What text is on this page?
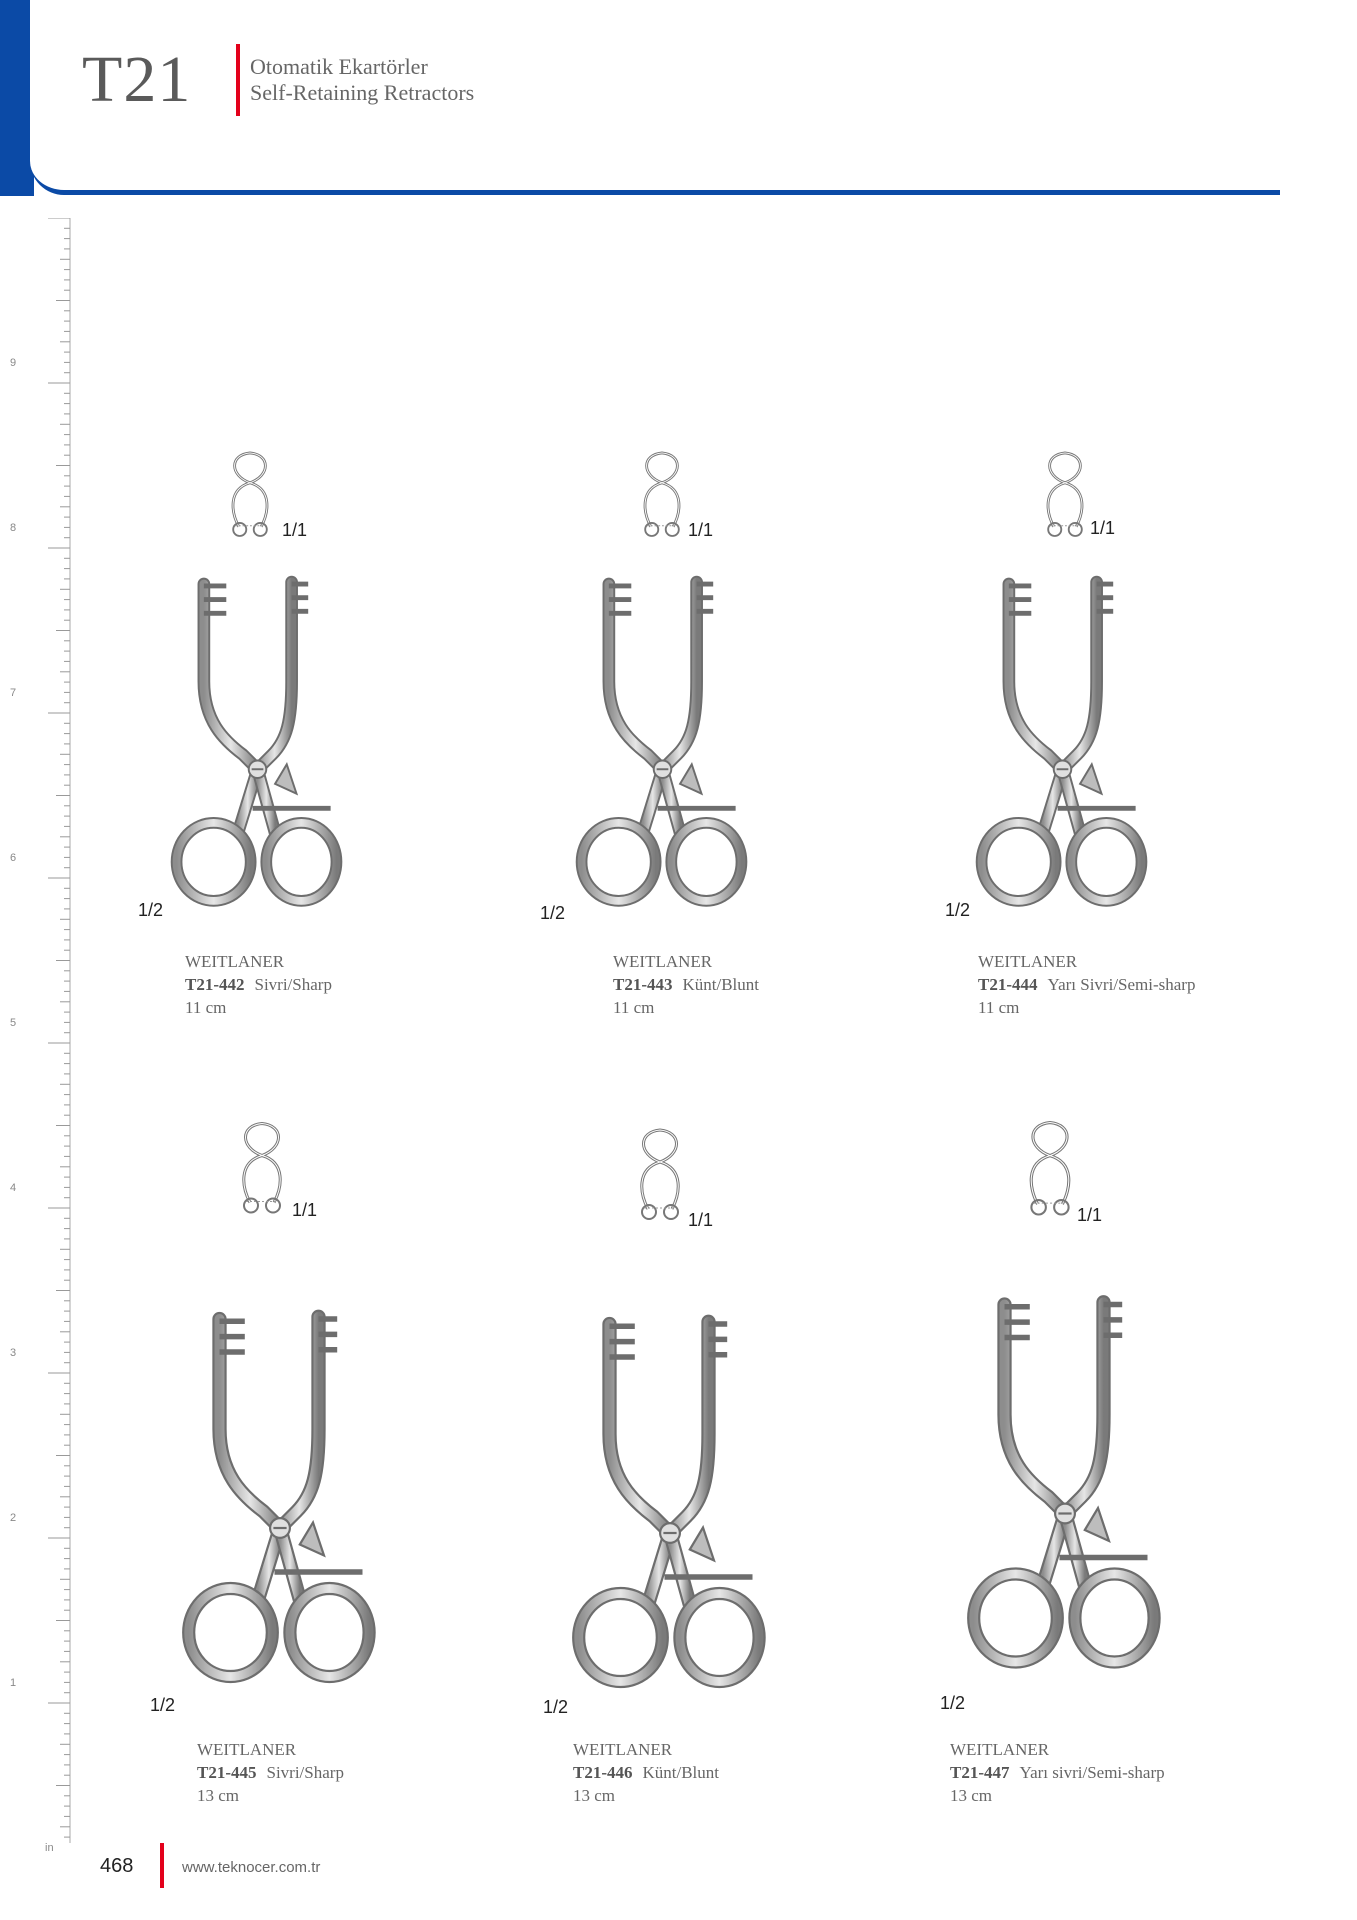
T21	Otomatik Ekartörler
Self-Retaining Retractors
9
8
7
6
5
4
3
2
1
in
1/1
1/2
WEITLANER
T21-442 Sivri/Sharp
11 cm
1/1
1/2
WEITLANER
T21-443 Künt/Blunt
11 cm
1/1
1/2
WEITLANER
T21-444 Yarı Sivri/Semi-sharp
11 cm
1/1
1/2
WEITLANER
T21-445 Sivri/Sharp
13 cm
1/1
1/2
WEITLANER
T21-446 Künt/Blunt
13 cm
1/1
1/2
WEITLANER
T21-447 Yarı sivri/Semi-sharp
13 cm
468	www.teknocer.com.tr
